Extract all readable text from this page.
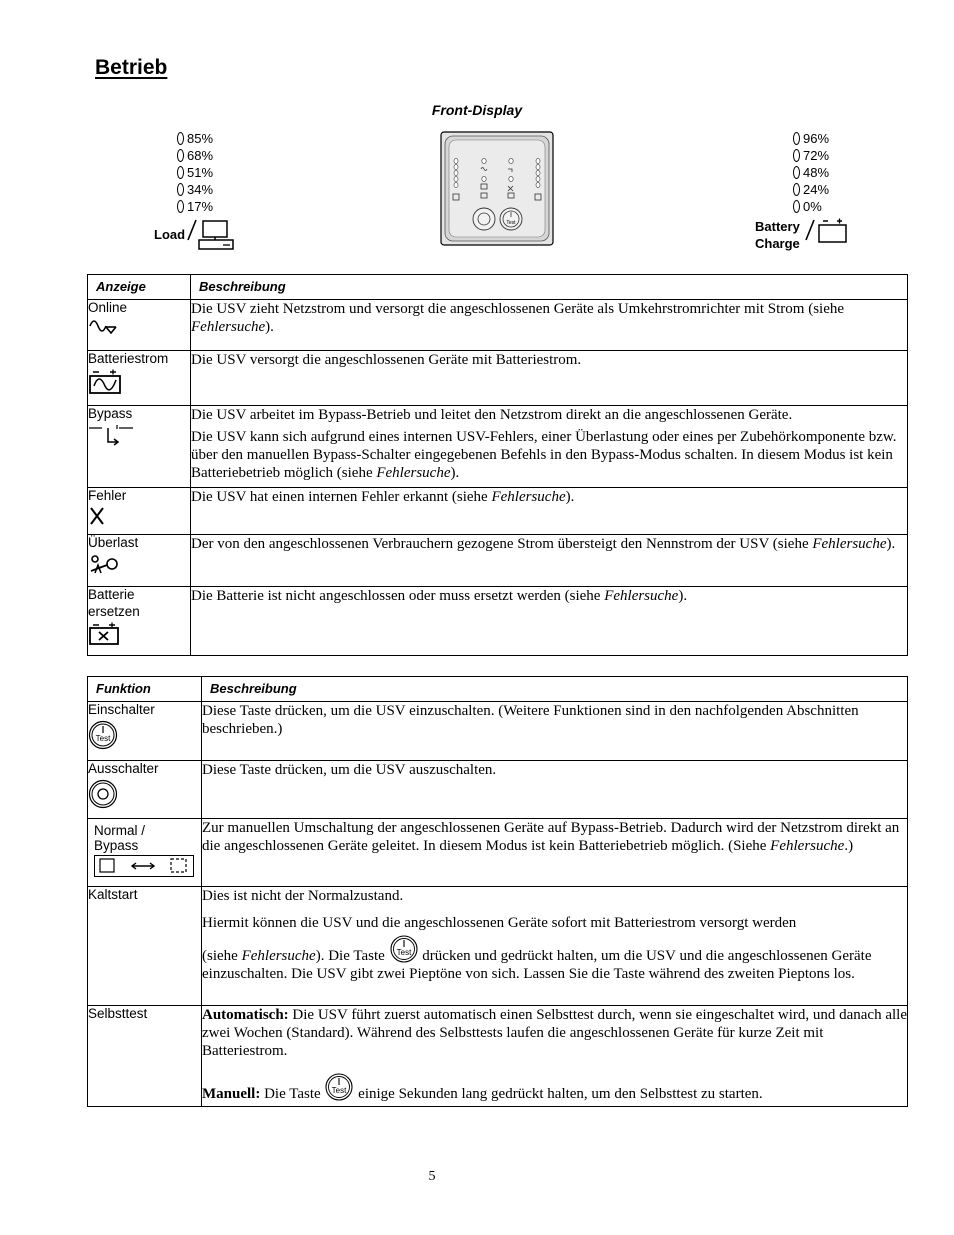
Betrieb
Front-Display
85%
68%
51%
34%
17%
Load
96%
72%
48%
24%
0%
Battery
Charge
Test
Anzeige	Beschreibung

Online	Die USV zieht Netzstrom und versorgt die angeschlossenen Geräte als Umkehrstromrichter mit Strom (siehe Fehlersuche).

Batteriestrom	Die USV versorgt die angeschlossenen Geräte mit Batteriestrom.

Bypass	Die USV arbeitet im Bypass-Betrieb und leitet den Netzstrom direkt an die angeschlossenen Geräte.

Die USV kann sich aufgrund eines internen USV-Fehlers, einer Überlastung oder eines per Zubehörkomponente bzw. über den manuellen Bypass-Schalter eingegebenen Befehls in den Bypass-Modus schalten. In diesem Modus ist kein Batteriebetrieb möglich (siehe Fehlersuche).

Fehler	Die USV hat einen internen Fehler erkannt (siehe Fehlersuche).

Überlast	Der von den angeschlossenen Verbrauchern gezogene Strom übersteigt den Nennstrom der USV (siehe Fehlersuche).

Batterie
ersetzen	Die Batterie ist nicht angeschlossen oder muss ersetzt werden (siehe Fehlersuche).

Funktion	Beschreibung

Einschalter
Test	Diese Taste drücken, um die USV einzuschalten. (Weitere Funktionen sind in den nachfolgenden Abschnitten beschrieben.)

Ausschalter	Diese Taste drücken, um die USV auszuschalten.

Normal /
Bypass	Zur manuellen Umschaltung der angeschlossenen Geräte auf Bypass-Betrieb. Dadurch wird der Netzstrom direkt an die angeschlossenen Geräte geleitet. In diesem Modus ist kein Batteriebetrieb möglich. (Siehe Fehlersuche.)

Kaltstart	Dies ist nicht der Normalzustand.

Hiermit können die USV und die angeschlossenen Geräte sofort mit Batteriestrom versorgt werden

(siehe Fehlersuche). Die Taste Test drücken und gedrückt halten, um die USV und die angeschlossenen Geräte einzuschalten. Die USV gibt zwei Pieptöne von sich. Lassen Sie die Taste während des zweiten Pieptons los.

Selbsttest	Automatisch: Die USV führt zuerst automatisch einen Selbsttest durch, wenn sie eingeschaltet wird, und danach alle zwei Wochen (Standard). Während des Selbsttests laufen die angeschlossenen Geräte für kurze Zeit mit Batteriestrom.

Manuell: Die Taste Test einige Sekunden lang gedrückt halten, um den Selbsttest zu starten.

5
